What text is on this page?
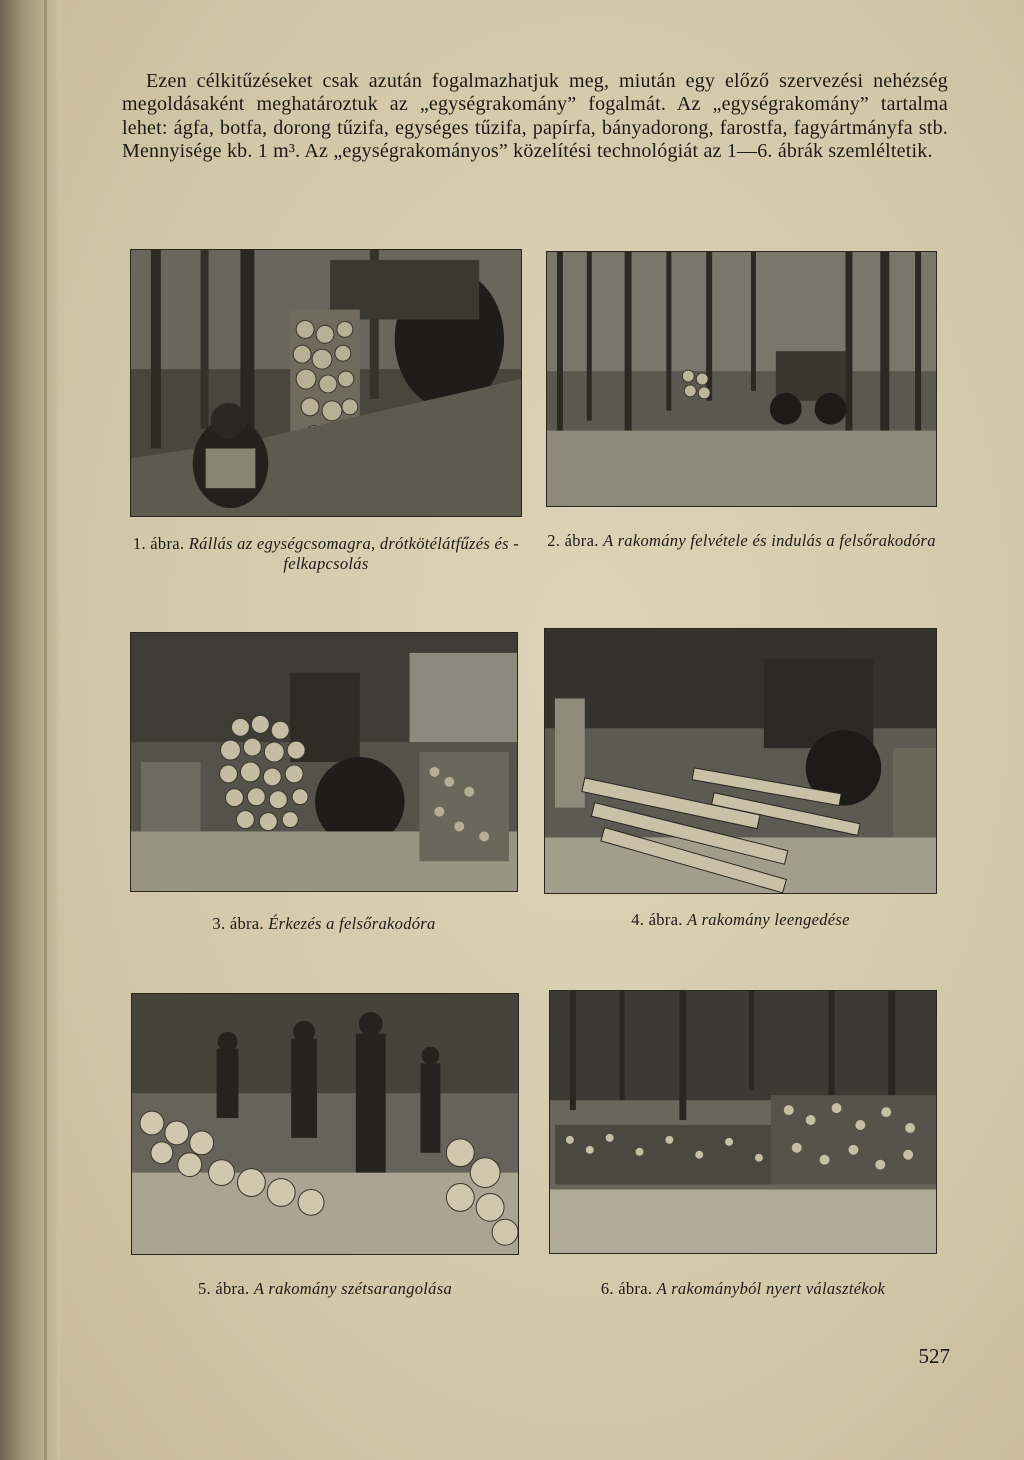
Ezen célkitűzéseket csak azután fogalmazhatjuk meg, miután egy előző szervezési nehézség megoldásaként meghatároztuk az „egységrakomány” fogalmát. Az „egységrakomány” tartalma lehet: ágfa, botfa, dorong tűzifa, egységes tűzifa, papírfa, bányadorong, farostfa, fagyártmányfa stb. Mennyisége kb. 1 m³. Az „egységrakományos” közelítési technológiát az 1—6. ábrák szemléltetik.

1. ábra. Rállás az egységcsomagra, drótkötélátfűzés és -felkapcsolás
2. ábra. A rakomány felvétele és indulás a felsőrakodóra
3. ábra. Érkezés a felsőrakodóra	4. ábra. A rakomány leengedése
5. ábra. A rakomány szétsarangolása	6. ábra. A rakományból nyert választékok
527
